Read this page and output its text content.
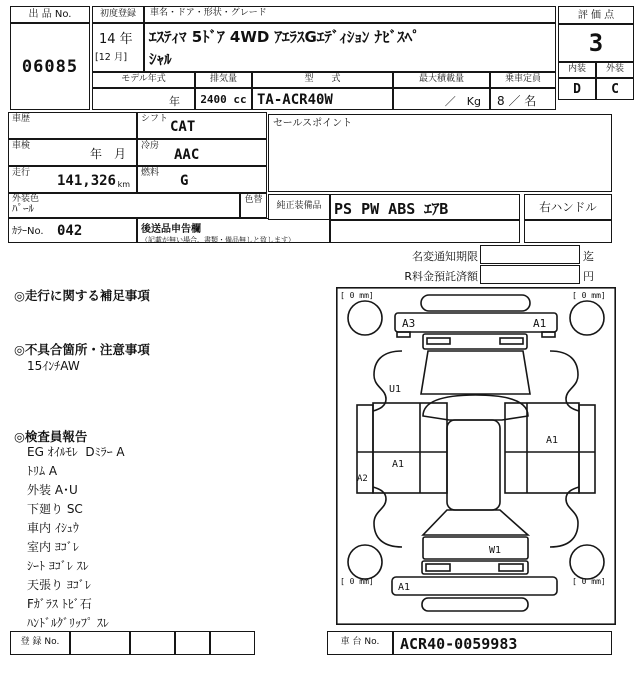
出 品 No.
06085
初度登録
14 年
[12 月]
車名・ドア・形状・グレード
ｴｽﾃｨﾏ 5ﾄﾞｱ 4WD ｱｴﾗｽGｴﾃﾞｨｼｮﾝ ﾅﾋﾞｽﾍﾟ
ｼｬﾙ
モデル年式	排気量	型　　式	最大積載量	乗車定員
年	2400 cc TA-ACR40W	／　Kg	8 ／ 名
評 価 点
3
内装 外装
D C
車歴	シフト CAT
車検
年　月
冷房
AAC
走行 141,326 km
燃料 G
外装色
ﾊﾟｰﾙ
色替
ｶﾗｰNo. 042	後送品申告欄
（記載が無い場合、書類・備品無しと致します）
セールスポイント
純正装備品 PS PW ABS ｴｱB	右ハンドル
名変通知期限	迄
R料金預託済額	円
◎走行に関する補足事項
◎不具合箇所・注意事項
15ｲﾝﾁAW
◎検査員報告
EG ｵｲﾙﾓﾚ  Dﾐﾗｰ A
ﾄﾘﾑ A
外装 A･U
下廻り SC
車内 ｲｼｭｳ
室内 ﾖｺﾞﾚ
ｼｰﾄ ﾖｺﾞﾚ ｽﾚ
天張り ﾖｺﾞﾚ
Fｶﾞﾗｽ ﾄﾋﾞ石
ﾊﾝﾄﾞﾙｸﾞﾘｯﾌﾟ ｽﾚ
[ 0 mm]	[ 0 mm]
[ 0 mm]	[ 0 mm]
A3	A1
U1
A2
A1
A1
W1
A1
登 録 No.	車 台 No.	ACR40-0059983
